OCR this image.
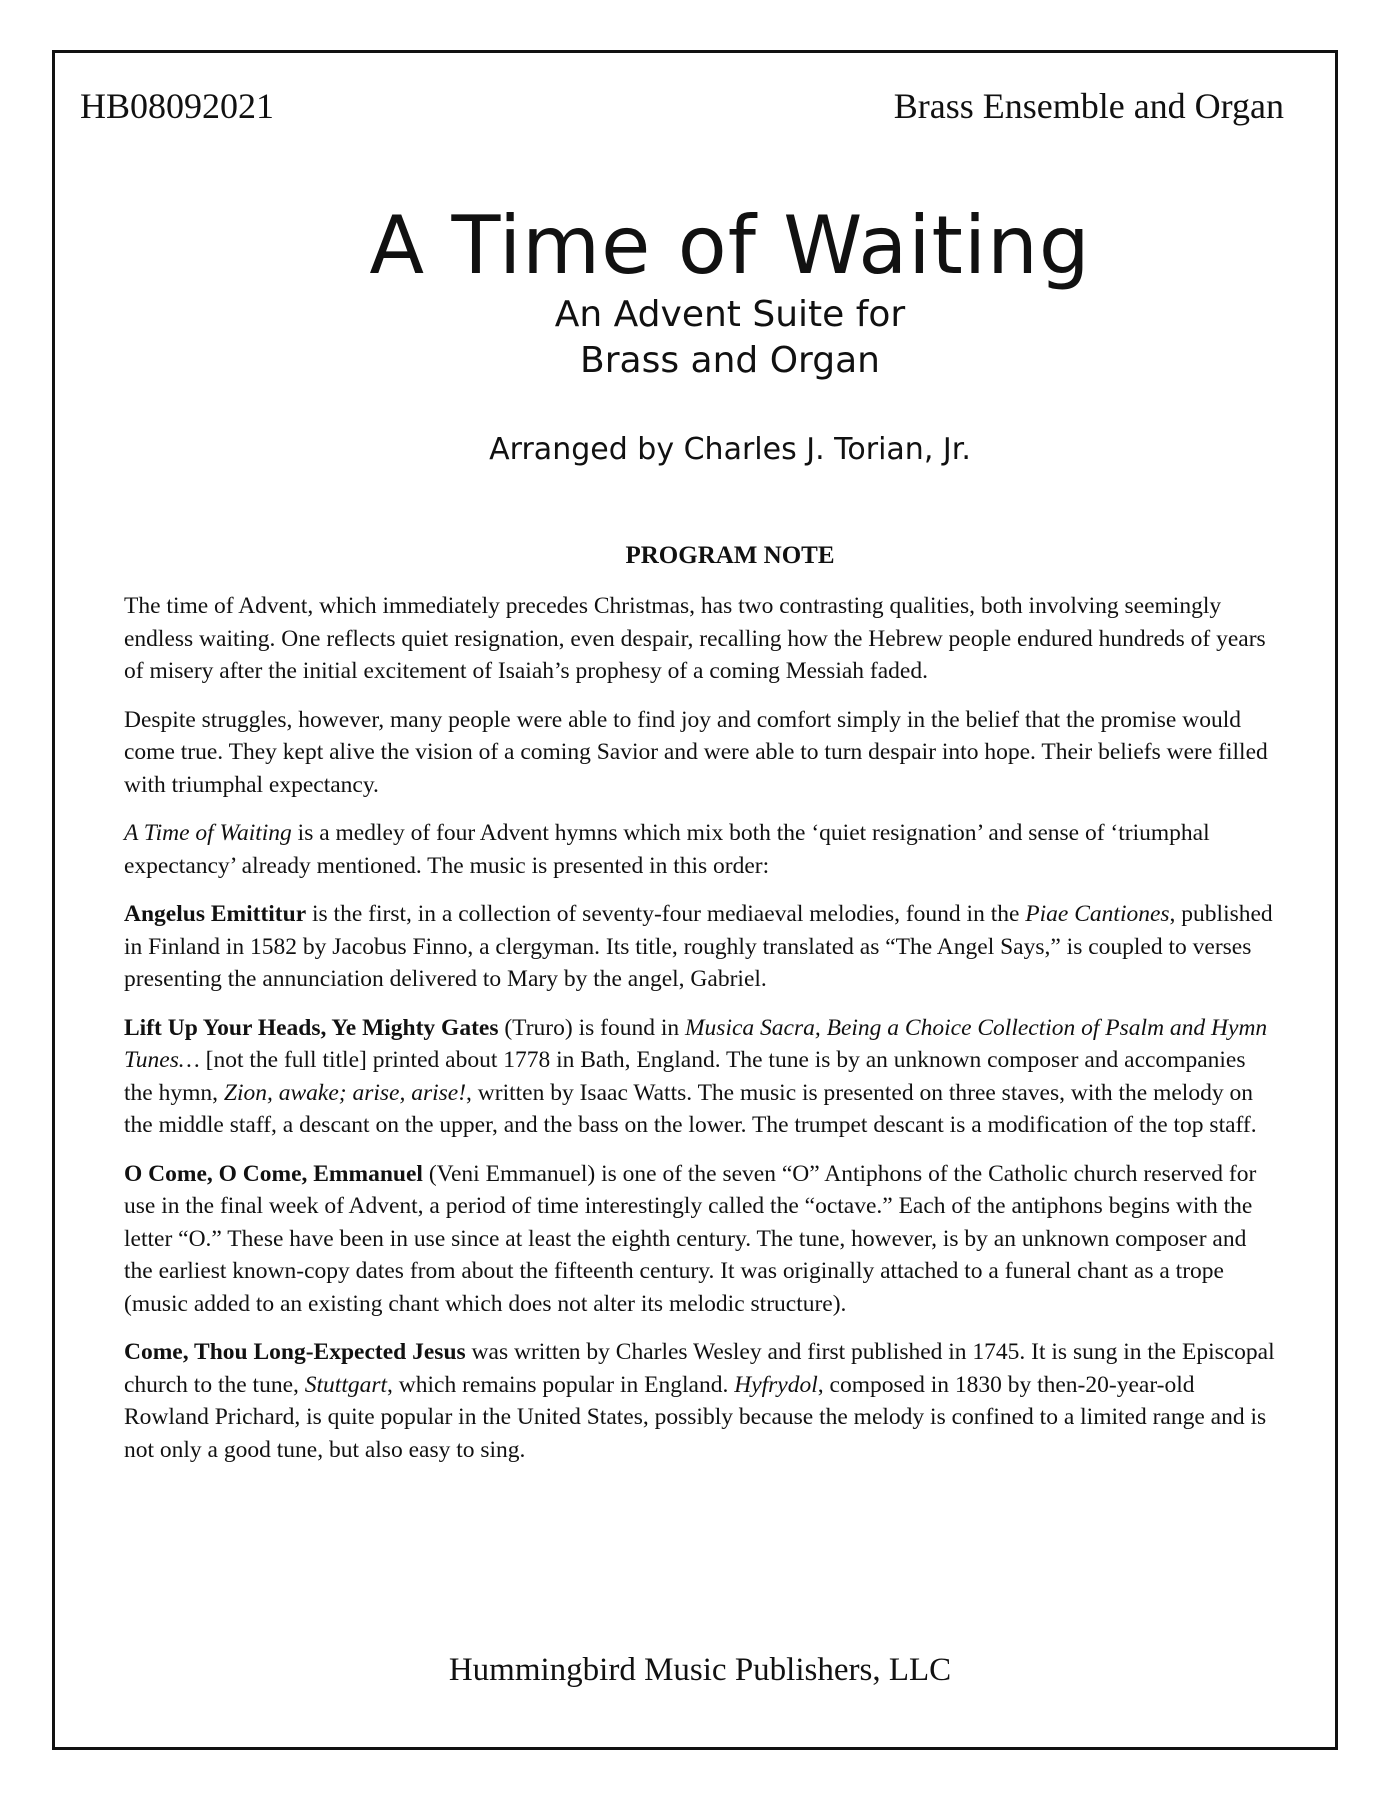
HB08092021	Brass Ensemble and Organ
A Time of Waiting
An Advent Suite for
Brass and Organ
Arranged by Charles J. Torian, Jr.
PROGRAM NOTE

The time of Advent, which immediately precedes Christmas, has two contrasting qualities, both involving seemingly endless waiting. One reflects quiet resignation, even despair, recalling how the Hebrew people endured hundreds of years of misery after the initial excitement of Isaiah’s prophesy of a coming Messiah faded.

Despite struggles, however, many people were able to find joy and comfort simply in the belief that the promise would come true. They kept alive the vision of a coming Savior and were able to turn despair into hope. Their beliefs were filled with triumphal expectancy.

A Time of Waiting is a medley of four Advent hymns which mix both the ‘quiet resignation’ and sense of ‘triumphal expectancy’ already mentioned. The music is presented in this order:

Angelus Emittitur is the first, in a collection of seventy-four mediaeval melodies, found in the Piae Cantiones, published in Finland in 1582 by Jacobus Finno, a clergyman. Its title, roughly translated as “The Angel Says,” is coupled to verses presenting the annunciation delivered to Mary by the angel, Gabriel.

Lift Up Your Heads, Ye Mighty Gates (Truro) is found in Musica Sacra, Being a Choice Collection of Psalm and Hymn Tunes… [not the full title] printed about 1778 in Bath, England. The tune is by an unknown composer and accompanies the hymn, Zion, awake; arise, arise!, written by Isaac Watts. The music is presented on three staves, with the melody on the middle staff, a descant on the upper, and the bass on the lower. The trumpet descant is a modification of the top staff.

O Come, O Come, Emmanuel (Veni Emmanuel) is one of the seven “O” Antiphons of the Catholic church reserved for use in the final week of Advent, a period of time interestingly called the “octave.” Each of the antiphons begins with the letter “O.” These have been in use since at least the eighth century. The tune, however, is by an unknown composer and the earliest known-copy dates from about the fifteenth century. It was originally attached to a funeral chant as a trope (music added to an existing chant which does not alter its melodic structure).

Come, Thou Long-Expected Jesus was written by Charles Wesley and first published in 1745. It is sung in the Episcopal church to the tune, Stuttgart, which remains popular in England. Hyfrydol, composed in 1830 by then-20-year-old Rowland Prichard, is quite popular in the United States, possibly because the melody is confined to a limited range and is not only a good tune, but also easy to sing.

Hummingbird Music Publishers, LLC
